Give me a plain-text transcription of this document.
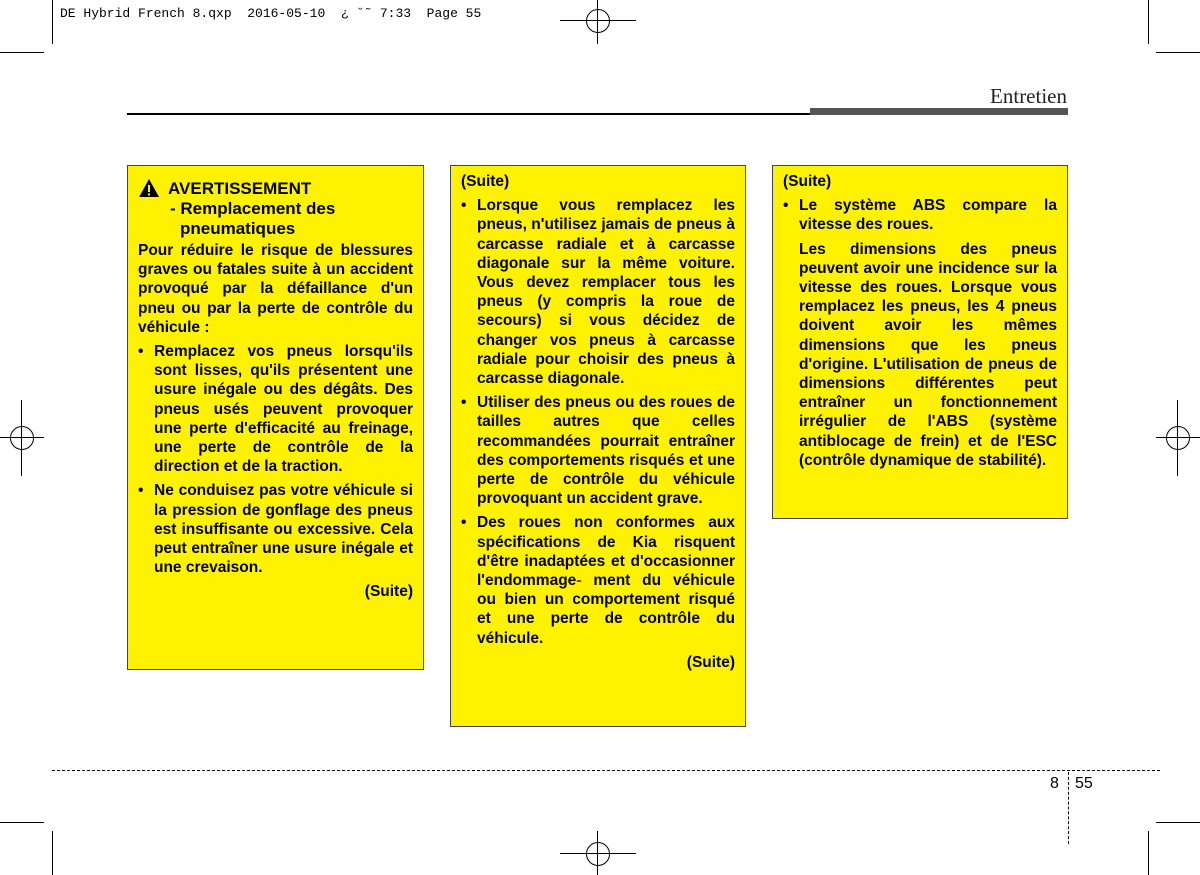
DE Hybrid French 8.qxp  2016-05-10  ¿ ˘˜ 7:33  Page 55
Entretien
AVERTISSEMENT
- Remplacement des
pneumatiques

Pour réduire le risque de blessures graves ou fatales suite à un accident provoqué par la défaillance d'un pneu ou par la perte de contrôle du véhicule :

• Remplacez vos pneus lorsqu'ils sont lisses, qu'ils présentent une usure inégale ou des dégâts. Des pneus usés peuvent provoquer une perte d'efficacité au freinage, une perte de contrôle de la direction et de la traction.

• Ne conduisez pas votre véhicule si la pression de gonflage des pneus est insuffisante ou excessive. Cela peut entraîner une usure inégale et une crevaison.

(Suite)

(Suite)

• Lorsque vous remplacez les pneus, n'utilisez jamais de pneus à carcasse radiale et à carcasse diagonale sur la même voiture. Vous devez remplacer tous les pneus (y compris la roue de secours) si vous décidez de changer vos pneus à carcasse radiale pour choisir des pneus à carcasse diagonale.

• Utiliser des pneus ou des roues de tailles autres que celles recommandées pourrait entraîner des comportements risqués et une perte de contrôle du véhicule provoquant un accident grave.

• Des roues non conformes aux spécifications de Kia risquent d'être inadaptées et d'occasionner l'endommage- ment du véhicule ou bien un comportement risqué et une perte de contrôle du véhicule.

(Suite)

(Suite)

• Le système ABS compare la vitesse des roues.

Les dimensions des pneus peuvent avoir une incidence sur la vitesse des roues. Lorsque vous remplacez les pneus, les 4 pneus doivent avoir les mêmes dimensions que les pneus d'origine. L'utilisation de pneus de dimensions différentes peut entraîner un fonctionnement irrégulier de l'ABS (système antiblocage de frein) et de l'ESC (contrôle dynamique de stabilité).

8 55
